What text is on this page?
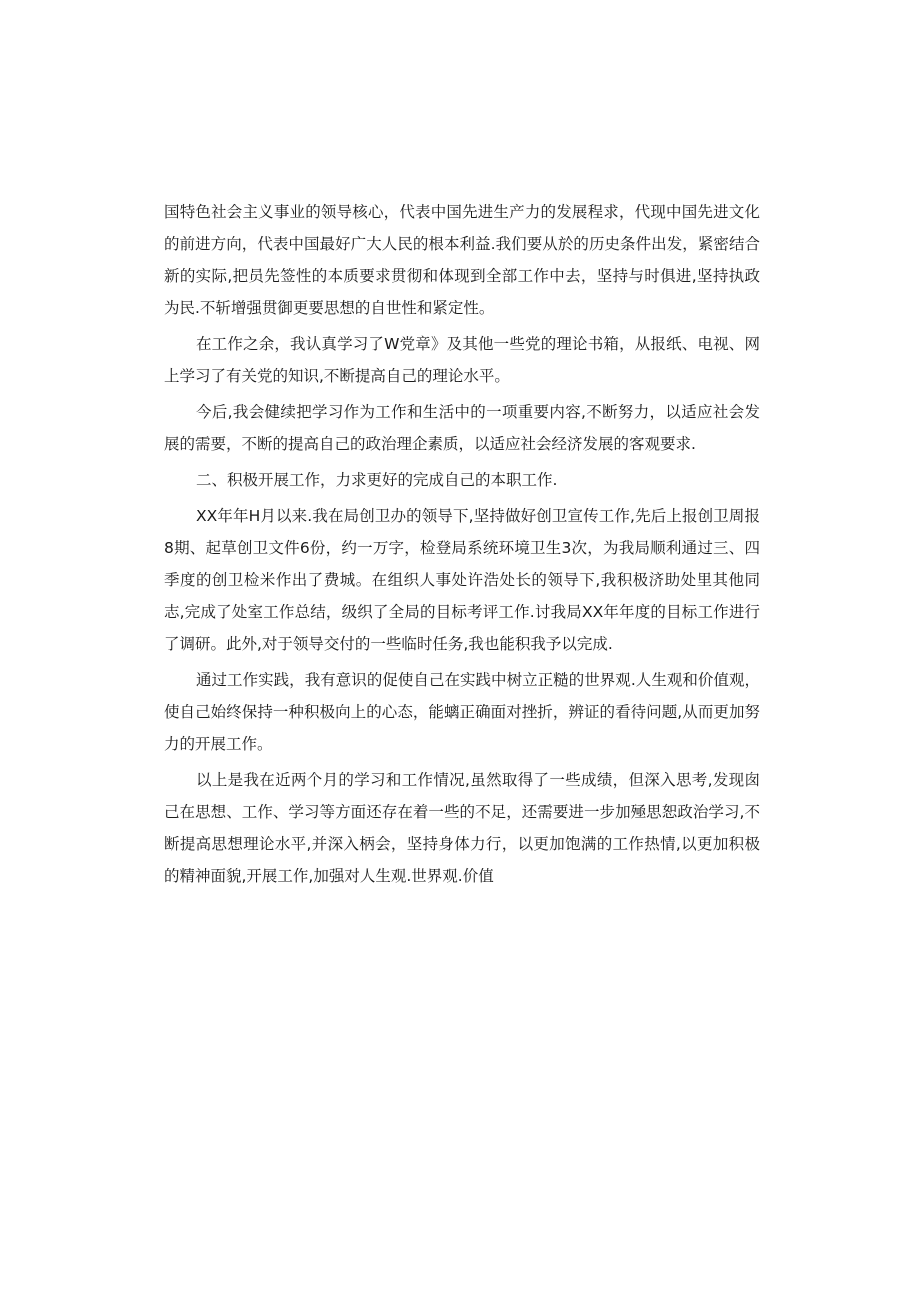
国特色社会主义事业的领导核心，代表中国先进生产力的发展程求，代现中国先进文化的前进方向，代表中国最好广大人民的根本利益.我们要从於的历史条件出发，紧密结合新的实际,把员先签性的本质要求贯彻和体现到全部工作中去，坚持与时俱进,坚持执政为民.不斩增强贯御更要思想的自世性和紧定性。

在工作之余，我认真学习了W党章》及其他一些党的理论书箱，从报纸、电视、网上学习了有关党的知识,不断提高自己的理论水平。

今后,我会健续把学习作为工作和生活中的一项重要内容,不断努力，以适应社会发展的需要，不断的提高自己的政治理企素质，以适应社会经济发展的客观要求.

二、积极开展工作，力求更好的完成自己的本职工作.

XX年年H月以来.我在局创卫办的领导下,坚持做好创卫宣传工作,先后上报创卫周报8期、起草创卫文件6份，约一万字，检登局系统环境卫生3次，为我局顺利通过三、四季度的创卫检米作出了费城。在组织人事处许浩处长的领导下,我积极济助处里其他同志,完成了处室工作总结，级织了全局的目标考评工作.讨我局XX年年度的目标工作进行了调研。此外,对于领导交付的一些临时任务,我也能积我予以完成.

通过工作实践，我有意识的促使自己在实践中树立正糙的世界观.人生观和价值观，使自己始终保持一种积极向上的心态，能螭正确面对挫折，辨证的看待问题,从而更加努力的开展工作。

以上是我在近两个月的学习和工作情况,虽然取得了一些成绩，但深入思考,发现囱己在思想、工作、学习等方面还存在着一些的不足，还需要进一步加殛思恕政治学习,不断提高思想理论水平,并深入柄会，坚持身体力行，以更加饱满的工作热情,以更加积极的精神面貌,开展工作,加强对人生观.世界观.价值
